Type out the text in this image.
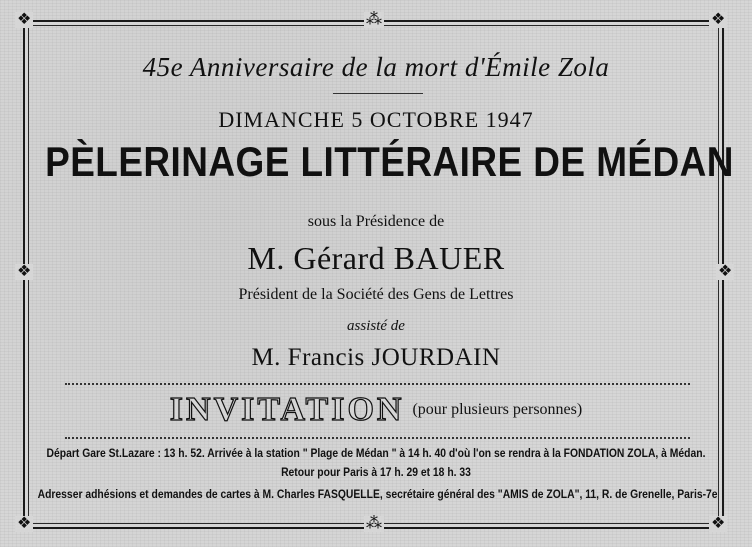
❖	❖
❖	❖
⁂
⁂
❖	❖
45e Anniversaire de la mort d'Émile Zola
DIMANCHE 5 OCTOBRE 1947
PÈLERINAGE LITTÉRAIRE DE MÉDAN
sous la Présidence de
M. Gérard BAUER
Président de la Société des Gens de Lettres
assisté de
M. Francis JOURDAIN
INVITATION (pour plusieurs personnes)
Départ Gare St.Lazare : 13 h. 52. Arrivée à la station " Plage de Médan " à 14 h. 40 d'où l'on se rendra à la FONDATION ZOLA, à Médan.
Retour pour Paris à 17 h. 29 et 18 h. 33
Adresser adhésions et demandes de cartes à M. Charles FASQUELLE, secrétaire général des "AMIS de ZOLA", 11, R. de Grenelle, Paris-7e
